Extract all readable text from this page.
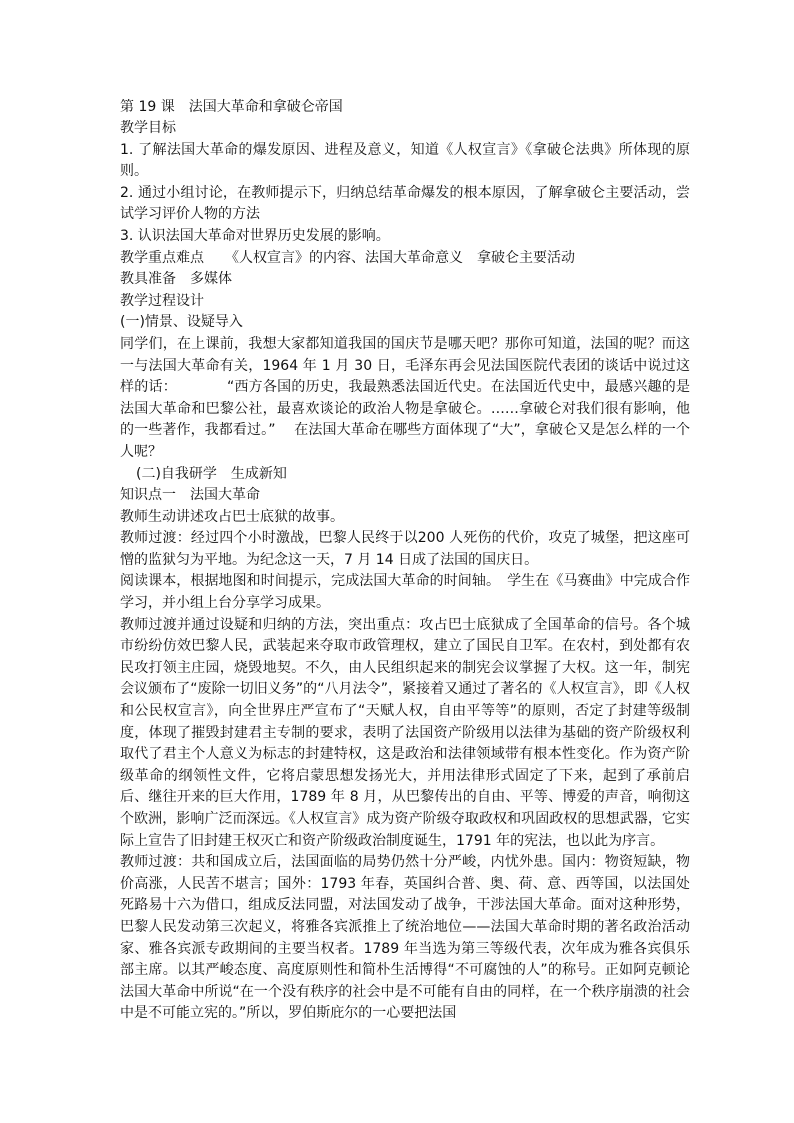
第 19 课　法国大革命和拿破仑帝国

教学目标

1. 了解法国大革命的爆发原因、进程及意义，知道《人权宣言》《拿破仑法典》所体现的原则。

2. 通过小组讨论，在教师提示下，归纳总结革命爆发的根本原因，了解拿破仑主要活动，尝试学习评价人物的方法

3. 认识法国大革命对世界历史发展的影响。

教学重点难点　　《人权宣言》的内容、法国大革命意义　拿破仑主要活动

教具准备　多媒体

教学过程设计

(一)情景、设疑导入

同学们，在上课前，我想大家都知道我国的国庆节是哪天吧？那你可知道，法国的呢？而这一与法国大革命有关，1964 年 1 月 30 日，毛泽东再会见法国医院代表团的谈话中说过这样的话：　　　　“西方各国的历史，我最熟悉法国近代史。在法国近代史中，最感兴趣的是法国大革命和巴黎公社，最喜欢谈论的政治人物是拿破仑。……拿破仑对我们很有影响，他的一些著作，我都看过。”　 在法国大革命在哪些方面体现了“大”，拿破仑又是怎么样的一个人呢？

(二)自我研学　生成新知

知识点一　法国大革命

教师生动讲述攻占巴士底狱的故事。

教师过渡：经过四个小时激战，巴黎人民终于以200 人死伤的代价，攻克了城堡，把这座可憎的监狱匀为平地。为纪念这一天，7 月 14 日成了法国的国庆日。

阅读课本，根据地图和时间提示，完成法国大革命的时间轴。　学生在《马赛曲》中完成合作学习，并小组上台分享学习成果。

教师过渡并通过设疑和归纳的方法，突出重点：攻占巴士底狱成了全国革命的信号。各个城市纷纷仿效巴黎人民，武装起来夺取市政管理权，建立了国民自卫军。在农村，到处都有农民攻打领主庄园，烧毁地契。不久，由人民组织起来的制宪会议掌握了大权。这一年，制宪会议颁布了“废除一切旧义务”的“八月法令”，紧接着又通过了著名的《人权宣言》，即《人权和公民权宣言》，向全世界庄严宣布了“天赋人权，自由平等等”的原则，否定了封建等级制度，体现了摧毁封建君主专制的要求，表明了法国资产阶级用以法律为基础的资产阶级权利取代了君主个人意义为标志的封建特权，这是政治和法律领域带有根本性变化。作为资产阶级革命的纲领性文件，它将启蒙思想发扬光大，并用法律形式固定了下来，起到了承前启后、继往开来的巨大作用，1789 年 8 月，从巴黎传出的自由、平等、博爱的声音，响彻这个欧洲，影响广泛而深远。《人权宣言》成为资产阶级夺取政权和巩固政权的思想武器，它实际上宣告了旧封建王权灭亡和资产阶级政治制度诞生，1791 年的宪法，也以此为序言。

教师过渡：共和国成立后，法国面临的局势仍然十分严峻，内忧外患。国内：物资短缺，物价高涨，人民苦不堪言；国外：1793 年春，英国纠合普、奥、荷、意、西等国，以法国处死路易十六为借口，组成反法同盟，对法国发动了战争，干涉法国大革命。面对这种形势，巴黎人民发动第三次起义，将雅各宾派推上了统治地位——法国大革命时期的著名政治活动家、雅各宾派专政期间的主要当权者。1789 年当选为第三等级代表，次年成为雅各宾俱乐部主席。以其严峻态度、高度原则性和简朴生活博得“不可腐蚀的人”的称号。正如阿克顿论法国大革命中所说“在一个没有秩序的社会中是不可能有自由的同样，在一个秩序崩溃的社会中是不可能立宪的。”所以，罗伯斯庇尔的一心要把法国
